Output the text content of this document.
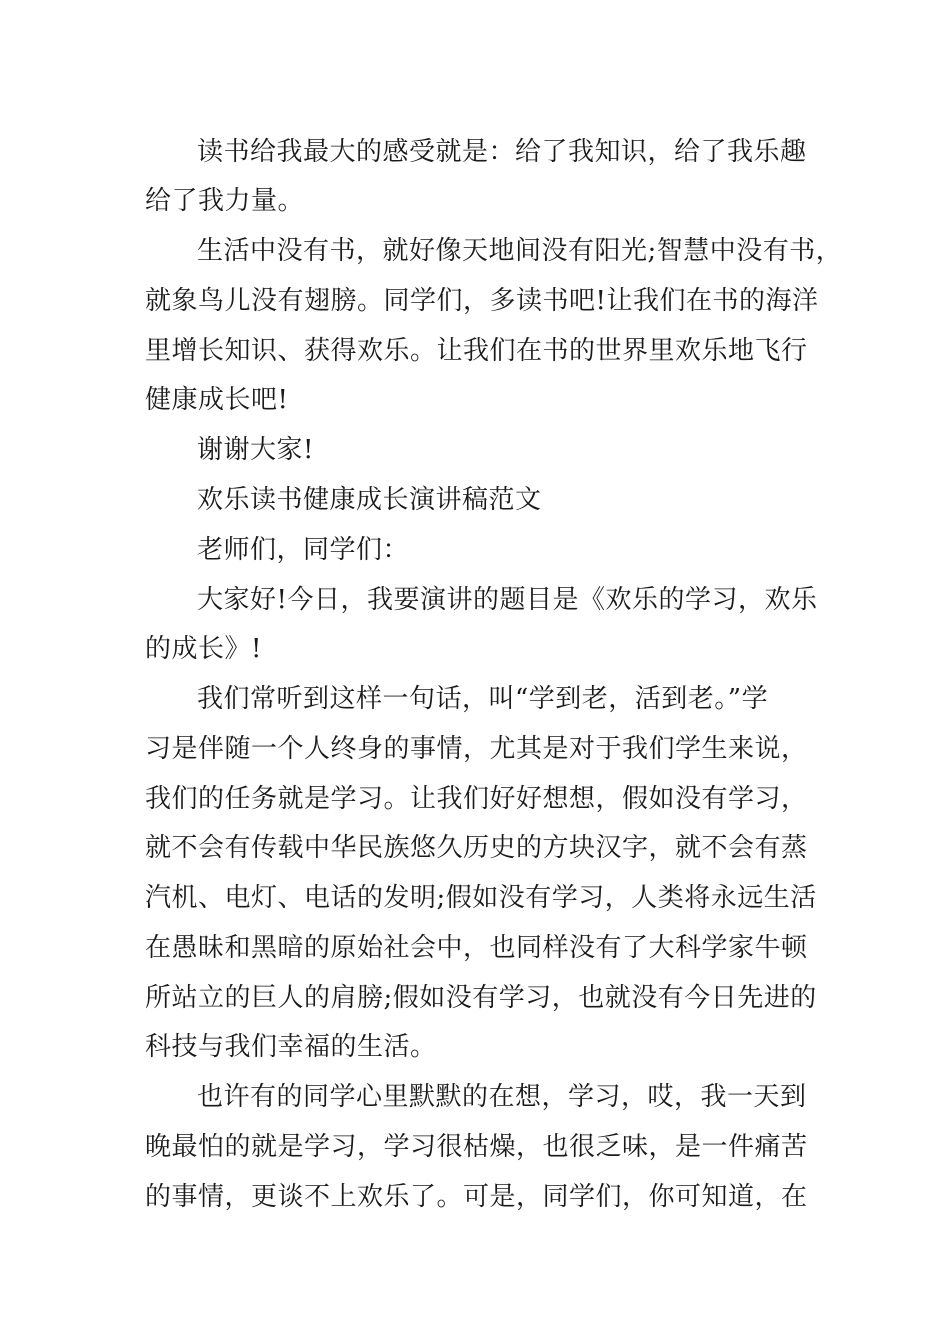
读书给我最大的感受就是：给了我知识，给了我乐趣

给了我力量。

生活中没有书，就好像天地间没有阳光;智慧中没有书，

就象鸟儿没有翅膀。同学们，多读书吧!让我们在书的海洋

里增长知识、获得欢乐。让我们在书的世界里欢乐地飞行

健康成长吧!

谢谢大家!

欢乐读书健康成长演讲稿范文

老师们，同学们：

大家好!今日，我要演讲的题目是《欢乐的学习，欢乐

的成长》!

我们常听到这样一句话，叫“学到老，活到老。”学

习是伴随一个人终身的事情，尤其是对于我们学生来说，

我们的任务就是学习。让我们好好想想，假如没有学习，

就不会有传载中华民族悠久历史的方块汉字，就不会有蒸

汽机、电灯、电话的发明;假如没有学习，人类将永远生活

在愚昧和黑暗的原始社会中，也同样没有了大科学家牛顿

所站立的巨人的肩膀;假如没有学习，也就没有今日先进的

科技与我们幸福的生活。

也许有的同学心里默默的在想，学习，哎，我一天到

晚最怕的就是学习，学习很枯燥，也很乏味，是一件痛苦

的事情，更谈不上欢乐了。可是，同学们，你可知道，在
